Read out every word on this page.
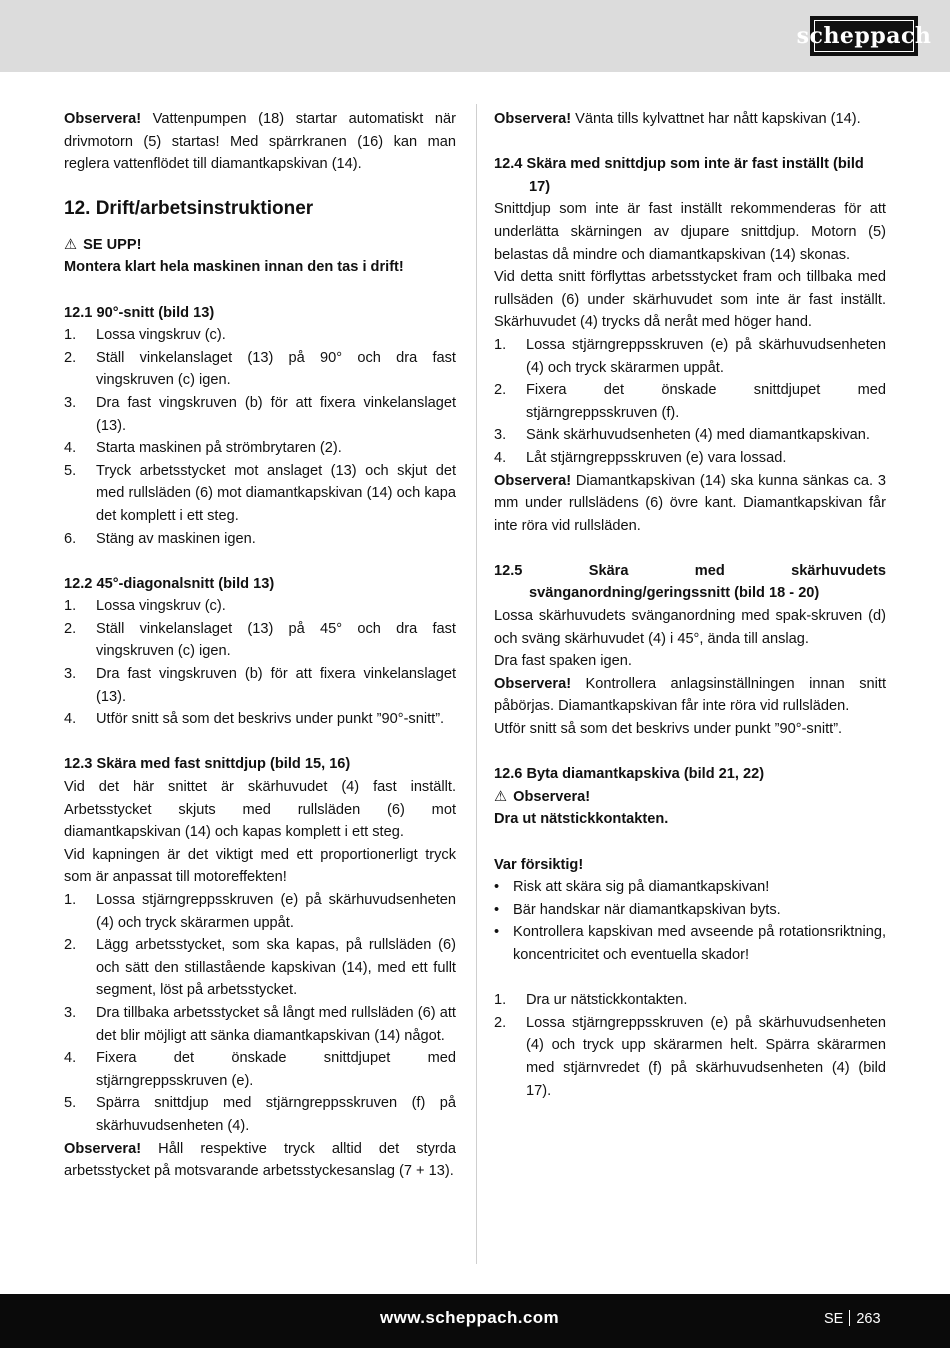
scheppach

Observera! Vattenpumpen (18) startar automatiskt när drivmotorn (5) startas! Med spärrkranen (16) kan man reglera vattenflödet till diamantkapskivan (14).

12. Drift/arbetsinstruktioner

⚠ SE UPP!

Montera klart hela maskinen innan den tas i drift!

12.1 90°-snitt (bild 13)

1.	Lossa vingskruv (c).
2.	Ställ vinkelanslaget (13) på 90° och dra fast vingskruven (c) igen.
3.	Dra fast vingskruven (b) för att fixera vinkelanslaget (13).
4.	Starta maskinen på strömbrytaren (2).
5.	Tryck arbetsstycket mot anslaget (13) och skjut det med rullsläden (6) mot diamantkapskivan (14) och kapa det komplett i ett steg.
6.	Stäng av maskinen igen.

12.2 45°-diagonalsnitt (bild 13)

1.	Lossa vingskruv (c).
2.	Ställ vinkelanslaget (13) på 45° och dra fast vingskruven (c) igen.
3.	Dra fast vingskruven (b) för att fixera vinkelanslaget (13).
4.	Utför snitt så som det beskrivs under punkt ”90°-snitt”.

12.3 Skära med fast snittdjup (bild 15, 16)

Vid det här snittet är skärhuvudet (4) fast inställt. Arbetsstycket skjuts med rullsläden (6) mot diamantkapskivan (14) och kapas komplett i ett steg.

Vid kapningen är det viktigt med ett proportionerligt tryck som är anpassat till motoreffekten!

1.	Lossa stjärngreppsskruven (e) på skärhuvudsenheten (4) och tryck skärarmen uppåt.
2.	Lägg arbetsstycket, som ska kapas, på rullsläden (6) och sätt den stillastående kapskivan (14), med ett fullt segment, löst på arbetsstycket.
3.	Dra tillbaka arbetsstycket så långt med rullsläden (6) att det blir möjligt att sänka diamantkapskivan (14) något.
4.	Fixera det önskade snittdjupet med stjärngreppsskruven (e).
5.	Spärra snittdjup med stjärngreppsskruven (f) på skärhuvudsenheten (4).

Observera! Håll respektive tryck alltid det styrda arbetsstycket på motsvarande arbetsstyckesanslag (7 + 13).

Observera! Vänta tills kylvattnet har nått kapskivan (14).

12.4 Skära med snittdjup som inte är fast inställt (bild 17)

Snittdjup som inte är fast inställt rekommenderas för att underlätta skärningen av djupare snittdjup. Motorn (5) belastas då mindre och diamantkapskivan (14) skonas.

Vid detta snitt förflyttas arbetsstycket fram och tillbaka med rullsäden (6) under skärhuvudet som inte är fast inställt. Skärhuvudet (4) trycks då neråt med höger hand.

1.	Lossa stjärngreppsskruven (e) på skärhuvudsenheten (4) och tryck skärarmen uppåt.
2.	Fixera det önskade snittdjupet med stjärngreppsskruven (f).
3.	Sänk skärhuvudsenheten (4) med diamantkapskivan.
4.	Låt stjärngreppsskruven (e) vara lossad.

Observera! Diamantkapskivan (14) ska kunna sänkas ca. 3 mm under rullslädens (6) övre kant. Diamantkapskivan får inte röra vid rullsläden.

12.5 Skära med skärhuvudets svänganordning/geringssnitt (bild 18 - 20)

Lossa skärhuvudets svänganordning med spak-skruven (d) och sväng skärhuvudet (4) i 45°, ända till anslag.

Dra fast spaken igen.

Observera! Kontrollera anlagsinställningen innan snitt påbörjas. Diamantkapskivan får inte röra vid rullsläden.

Utför snitt så som det beskrivs under punkt ”90°-snitt”.

12.6 Byta diamantkapskiva (bild 21, 22)

⚠ Observera!

Dra ut nätstickkontakten.

Var försiktig!

• Risk att skära sig på diamantkapskivan!
• Bär handskar när diamantkapskivan byts.
• Kontrollera kapskivan med avseende på rotationsriktning, koncentricitet och eventuella skador!
1.	Dra ur nätstickkontakten.
2.	Lossa stjärngreppsskruven (e) på skärhuvudsenheten (4) och tryck upp skärarmen helt. Spärra skärarmen med stjärnvredet (f) på skärhuvudsenheten (4) (bild 17).
www.scheppach.com	SE 263
